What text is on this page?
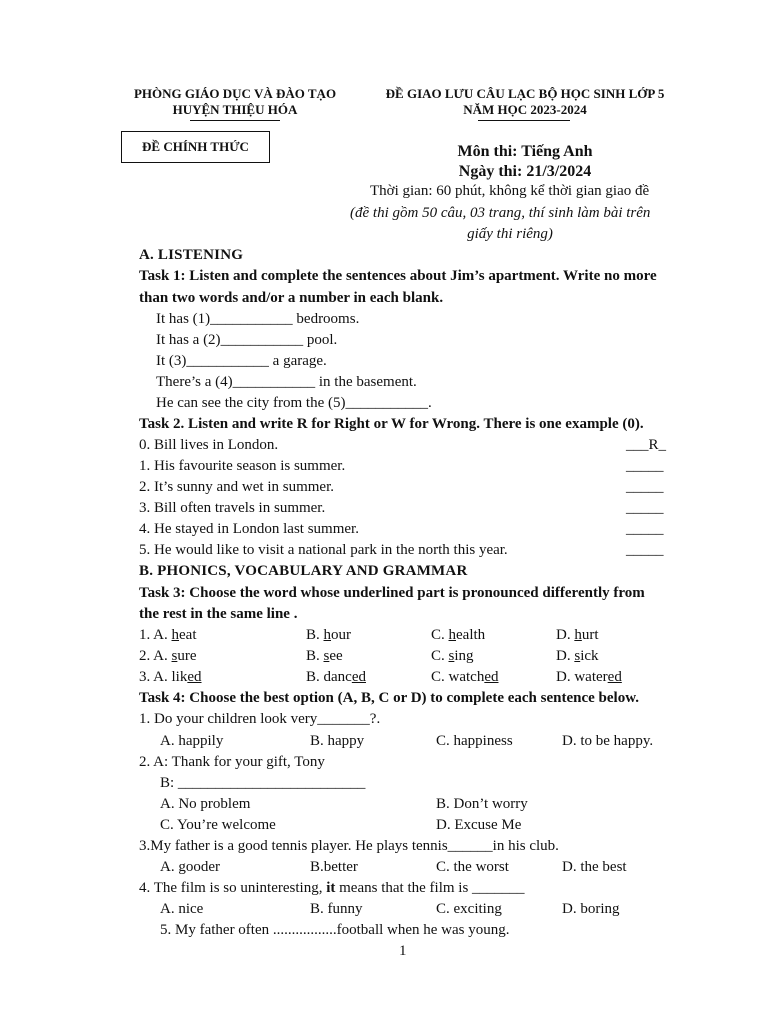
PHÒNG GIÁO DỤC VÀ ĐÀO TẠO
HUYỆN THIỆU HÓA
ĐỀ GIAO LƯU CÂU LẠC BỘ HỌC SINH LỚP 5
NĂM HỌC 2023-2024
ĐỀ CHÍNH THỨC	Môn thi: Tiếng Anh
Ngày thi: 21/3/2024
Thời gian: 60 phút, không kể thời gian giao đề
(đề thi gồm 50 câu, 03 trang, thí sinh làm bài trên
giấy thi riêng)
A. LISTENING
Task 1: Listen and complete the sentences about Jim’s apartment. Write no more
than two words and/or a number in each blank.
It has (1)___________ bedrooms.
It has a (2)___________ pool.
It (3)___________ a garage.
There’s a (4)___________ in the basement.
He can see the city from the (5)___________.
Task 2. Listen and write R for Right or W for Wrong. There is one example (0).
0. Bill lives in London.	___R_
1. His favourite season is summer.	_____
2. It’s sunny and wet in summer.	_____
3. Bill often travels in summer.	_____
4. He stayed in London last summer.	_____
5. He would like to visit a national park in the north this year.	_____
B. PHONICS, VOCABULARY AND GRAMMAR
Task 3: Choose the word whose underlined part is pronounced differently from
the rest in the same line .
1. A. heat	B. hour	C. health	D. hurt
2. A. sure	B. see	C. sing	D. sick
3. A. liked	B. danced	C. watched	D. watered
Task 4: Choose the best option (A, B, C or D) to complete each sentence below.
1. Do your children look very_______?.
A. happily	B. happy	C. happiness	D. to be happy.
2. A: Thank for your gift, Tony
B: _________________________
A. No problem	B. Don’t worry
C. You’re welcome	D. Excuse Me
3.My father is a good tennis player. He plays tennis______in his club.
A. gooder	B.better	C. the worst	D. the best
4. The film is so uninteresting, it means that the film is _______
A. nice	B. funny	C. exciting	D. boring
5. My father often .................football when he was young.
1
